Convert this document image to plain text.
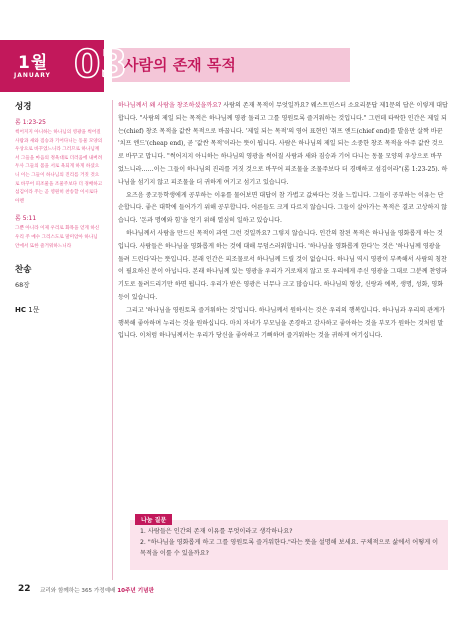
1월
JANUARY 03
사람의 존재 목적
성경
롬 1:23-25
썩어지지 아니하는 하나님의 영광을 썩어질 사람과 새와 짐승과 기어다니는 동물 모양의 우상으로 바꾸었느니라 그러므로 하나님께서 그들을 마음의 정욕대로 더러움에 내버려 두사 그들의 몸을 서로 욕되게 하게 하셨으니 이는 그들이 하나님의 진리를 거짓 것으로 바꾸어 피조물을 조물주보다 더 경배하고 섬김이라 주는 곧 영원히 찬송할 이시로다 아멘
롬 5:11
그뿐 아니라 이제 우리로 화목을 얻게 하신 우리 주 예수 그리스도로 말미암아 하나님 안에서 또한 즐거워하느니라
찬송
68장
HC 1문

하나님께서 왜 사람을 창조하셨을까요? 사람의 존재 목적이 무엇일까요? 웨스트민스터 소요리문답 제1문의 답은 이렇게 대답합니다. "사람의 제일 되는 목적은 하나님께 영광 돌리고 그를 영원토록 즐거워하는 것입니다." 그런데 타락한 인간은 제일 되는(chief) 창조 목적을 값싼 목적으로 바꿉니다. '제일 되는 목적'의 영어 표현인 '취프 엔드(chief end)를 발음만 살짝 바꾼 '치프 엔드'(cheap end), 곧 '값싼 목적'이라는 뜻이 됩니다. 사람은 하나님의 제일 되는 소중한 창조 목적을 아주 값싼 것으로 바꾸고 맙니다. "썩어지지 아니하는 하나님의 영광을 썩어질 사람과 새와 짐승과 기어 다니는 동물 모양의 우상으로 바꾸었느니라……이는 그들이 하나님의 진리를 거짓 것으로 바꾸어 피조물을 조물주보다 더 경배하고 섬김이라"(롬 1:23-25). 하나님을 섬기지 않고 피조물을 더 귀하게 여기고 섬기고 있습니다.

요즈음 중고등학생에게 공부하는 이유를 물어보면 대답이 참 가볍고 값싸다는 것을 느낍니다. 그들이 공부하는 이유는 단순합니다. 좋은 대학에 들어가기 위해 공부합니다. 어른들도 크게 다르지 않습니다. 그들이 살아가는 목적은 결코 고상하지 않습니다. '돈과 명예와 힘'을 얻기 위해 열심히 일하고 있습니다.

하나님께서 사람을 만드신 목적이 과연 그런 것일까요? 그렇지 않습니다. 인간의 참된 목적은 하나님을 영화롭게 하는 것입니다. 사람들은 하나님을 영화롭게 하는 것에 대해 무덤스러워합니다. '하나님을 영화롭게 한다'는 것은 '하나님께 영광을 돌려 드린다'라는 뜻입니다. 본래 인간은 피조물로서 하나님께 드릴 것이 없습니다. 하나님 역시 영광이 부족해서 사람의 칭찬이 필요하신 분이 아닙니다. 본래 하나님께 있는 영광을 우리가 거로채지 않고 또 우리에게 주신 영광을 그대로 그분께 찬양과 기도로 돌려드리기만 하면 됩니다. 우리가 받은 영광은 너무나 크고 많습니다. 하나님의 형상, 신랑과 예복, 생명, 성화, 영화 등이 있습니다.

그리고 '하나님을 영원토록 즐거워하는 것'입니다. 하나님께서 원하시는 것은 우리의 행복입니다. 하나님과 우리의 관계가 행복해 좋아하며 누리는 것을 원하십니다. 마치 자녀가 부모님을 존경하고 감사하고 좋아하는 것을 부모가 원하는 것처럼 말입니다. 이처럼 하나님께서는 우리가 당신을 좋아하고 기뻐하며 즐거워하는 것을 귀하게 여기십니다.

나눔 질문
1. 사람들은 인간의 존재 이유를 무엇이라고 생각하나요?
2. "하나님을 영화롭게 하고 그를 영원토록 즐거워한다."라는 뜻을 설명해 보세요. 구체적으로 삶에서 어떻게 이 목적을 이룰 수 있을까요?
22 교리와 함께하는 365 가정예배 10주년 기념판
